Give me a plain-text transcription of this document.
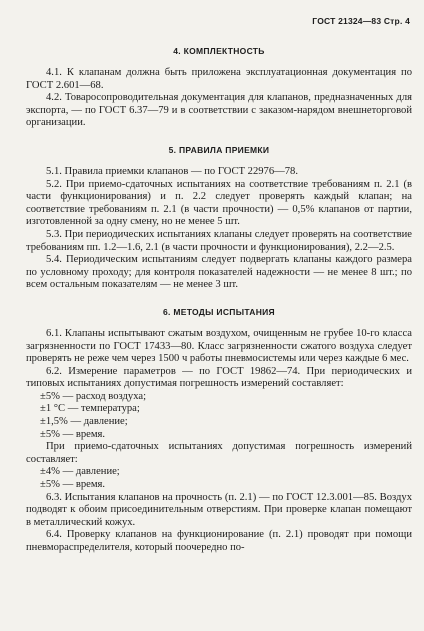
ГОСТ 21324—83 Стр. 4
4. КОМПЛЕКТНОСТЬ

4.1. К клапанам должна быть приложена эксплуатационная документация по ГОСТ 2.601—68.

4.2. Товаросопроводительная документация для клапанов, предназначенных для экспорта, — по ГОСТ 6.37—79 и в соответствии с заказом-нарядом внешнеторговой организации.

5. ПРАВИЛА ПРИЕМКИ

5.1. Правила приемки клапанов — по ГОСТ 22976—78.

5.2. При приемо-сдаточных испытаниях на соответствие требованиям п. 2.1 (в части функционирования) и п. 2.2 следует проверять каждый клапан; на соответствие требованиям п. 2.1 (в части прочности) — 0,5% клапанов от партии, изготовленной за одну смену, но не менее 5 шт.

5.3. При периодических испытаниях клапаны следует проверять на соответствие требованиям пп. 1.2—1.6, 2.1 (в части прочности и функционирования), 2.2—2.5.

5.4. Периодическим испытаниям следует подвергать клапаны каждого размера по условному проходу; для контроля показателей надежности — не менее 8 шт.; по всем остальным показателям — не менее 3 шт.

6. МЕТОДЫ ИСПЫТАНИЯ

6.1. Клапаны испытывают сжатым воздухом, очищенным не грубее 10-го класса загрязненности по ГОСТ 17433—80. Класс загрязненности сжатого воздуха следует проверять не реже чем через 1500 ч работы пневмосистемы или через каждые 6 мес.

6.2. Измерение параметров — по ГОСТ 19862—74. При периодических и типовых испытаниях допустимая погрешность измерений составляет:

±5% — расход воздуха;

±1 °С — температура;

±1,5% — давление;

±5% — время.

При приемо-сдаточных испытаниях допустимая погрешность измерений составляет:

±4% — давление;

±5% — время.

6.3. Испытания клапанов на прочность (п. 2.1) — по ГОСТ 12.3.001—85. Воздух подводят к обоим присоединительным отверстиям. При проверке клапан помещают в металлический кожух.

6.4. Проверку клапанов на функционирование (п. 2.1) проводят при помощи пневмораспределителя, который поочередно по-
